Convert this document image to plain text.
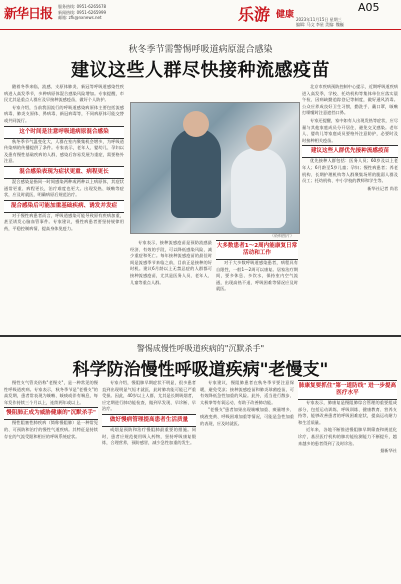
新华日报
服务热线: 0951-6265678
新闻热线: 0951-6265999
邮箱: zfk@nxnews.net	乐游 健康
A05
2023年11月15日 星期三
编辑: 马文 李星 美编: 魏巍
秋冬季节需警惕呼吸道病原混合感染
建议这些人群尽快接种流感疫苗

随着冬季来临，流感、支原体肺炎、新冠等呼吸道感染性疾病进入高发季节，多种病原体混合感染风险增加。专家提醒，市民尤其是重点人群应及早接种流感疫苗，做好个人防护。

专家介绍，当前我国流行的呼吸道感染病原体主要包括流感病毒、肺炎支原体、鼻病毒、新冠病毒等，不同病原体可能交替或共同流行。

这个时间是注意呼吸道病原混合感染

秋冬季节气温变化大，人群在室内聚集机会增多，为呼吸道传染病的传播提供了条件。专家表示，老年人、婴幼儿、孕妇以及患有慢性基础疾病的人群，感染后容易发展为重症，需要格外注意。

混合感染表现为症状更重、病程更长

混合感染是指同一时间感染两种或两种以上病原体，其症状通常更重、病程更长，治疗难度也更大。出现发热、咳嗽等症状，应及时就医，明确病原后规范治疗。

混合感染后可能加重基础疾病、诱发并发症

对于慢性病患者而言，呼吸道感染可能导致原有疾病加重，甚至诱发心脑血管事件。专家建议，慢性病患者要坚持规律用药，平稳控制病情，提高身体免疫力。

（资料图片）

专家表示，接种流感疫苗是预防流感最经济、有效的手段，可以降低感染风险，减少重症和死亡。每年接种流感疫苗的最佳时间是流感季节来临之前，目前正是接种的好时机。建议6月龄以上无禁忌症的人群都可接种流感疫苗，尤其是医务人员、老年人、儿童等重点人群。

大多数患者1～2周内能康复日常活动和工作

对于大多数呼吸道感染患者，病程具有自限性，一般1～2周可以康复。居家治疗期间，要多休息、多饮水，保持室内空气流通，出现高热不退、呼吸困难等情况应及时就医。

北京市疾病预防控制中心提示，近期呼吸道疾病进入高发季，学校、托幼机构等集体单位应落实晨午检、因病缺勤追踪登记等制度，做好通风消毒。公众应养成良好卫生习惯，勤洗手、戴口罩，咳嗽打喷嚏时注意遮挡口鼻。

专家还提醒，家中如有人出现发热等症状，应尽量与其他家庭成员分开居住，避免交叉感染。老年人、婴幼儿等家庭成员要格外注意防护，必要时及时接种相关疫苗。

建议这些人群优先接种流感疫苗

优先接种人群包括：医务人员；60岁及以上老年人；6月龄至5岁儿童；孕妇；慢性病患者；养老机构、长期护理机构等人群聚集场所的脆弱人群及员工；托幼机构、中小学校的教师和学生等。

新华社记者 尚君

警惕成慢性呼吸道疾病的"沉默杀手"
科学防治慢性呼吸道疾病"老慢支"

慢性支气管炎俗称"老慢支"，是一种常见的慢性呼吸道疾病。专家表示，秋冬季节是"老慢支"的高发期，患者常表现为咳嗽、咳痰或伴有喘息，每年发作持续三个月以上，连续两年或以上。

慢阻肺正成为威胁健康的"沉默杀手"

慢性阻塞性肺疾病（简称慢阻肺）是一种常见的、可预防和治疗的慢性气道疾病。其特征是持续存在的气流受限和相应的呼吸系统症状。

专家介绍，慢阻肺早期症状不明显，很多患者直到出现明显气短才就医，此时肺功能可能已严重受损。因此，40岁以上人群，尤其是长期吸烟者，应定期进行肺功能检查，做到早发现、早诊断、早治疗。

做好慢病管理提高患者生活质量

戒烟是预防和治疗慢阻肺最重要的措施。同时，患者应规范使用吸入药物，坚持呼吸康复锻炼，合理营养，预防感冒，减少急性加重的发生。

专家建议，慢阻肺患者在秋冬季节要注意保暖，避免受凉；接种流感疫苗和肺炎球菌疫苗，可有效降低急性加重的风险。此外，适当进行散步、太极拳等有氧运动，有助于改善肺功能。

"老慢支"患者如果出现咳嗽加重、痰量增多、痰液变黄、呼吸困难加重等情况，可能是急性加重的表现，应及时就医。

肺康复要抓住"第一道防线" 进一步提高医疗水平

专家表示，肺康复是慢阻肺综合管理的重要组成部分，包括运动训练、呼吸训练、健康教育、营养支持等，能够改善患者的呼吸困难症状，提高运动耐力和生活质量。

近年来，各地不断推进慢阻肺早期筛查和规范化诊疗，基层医疗机构的肺功能检测能力不断提升，越来越多的患者得到了及时诊治。

据新华社
